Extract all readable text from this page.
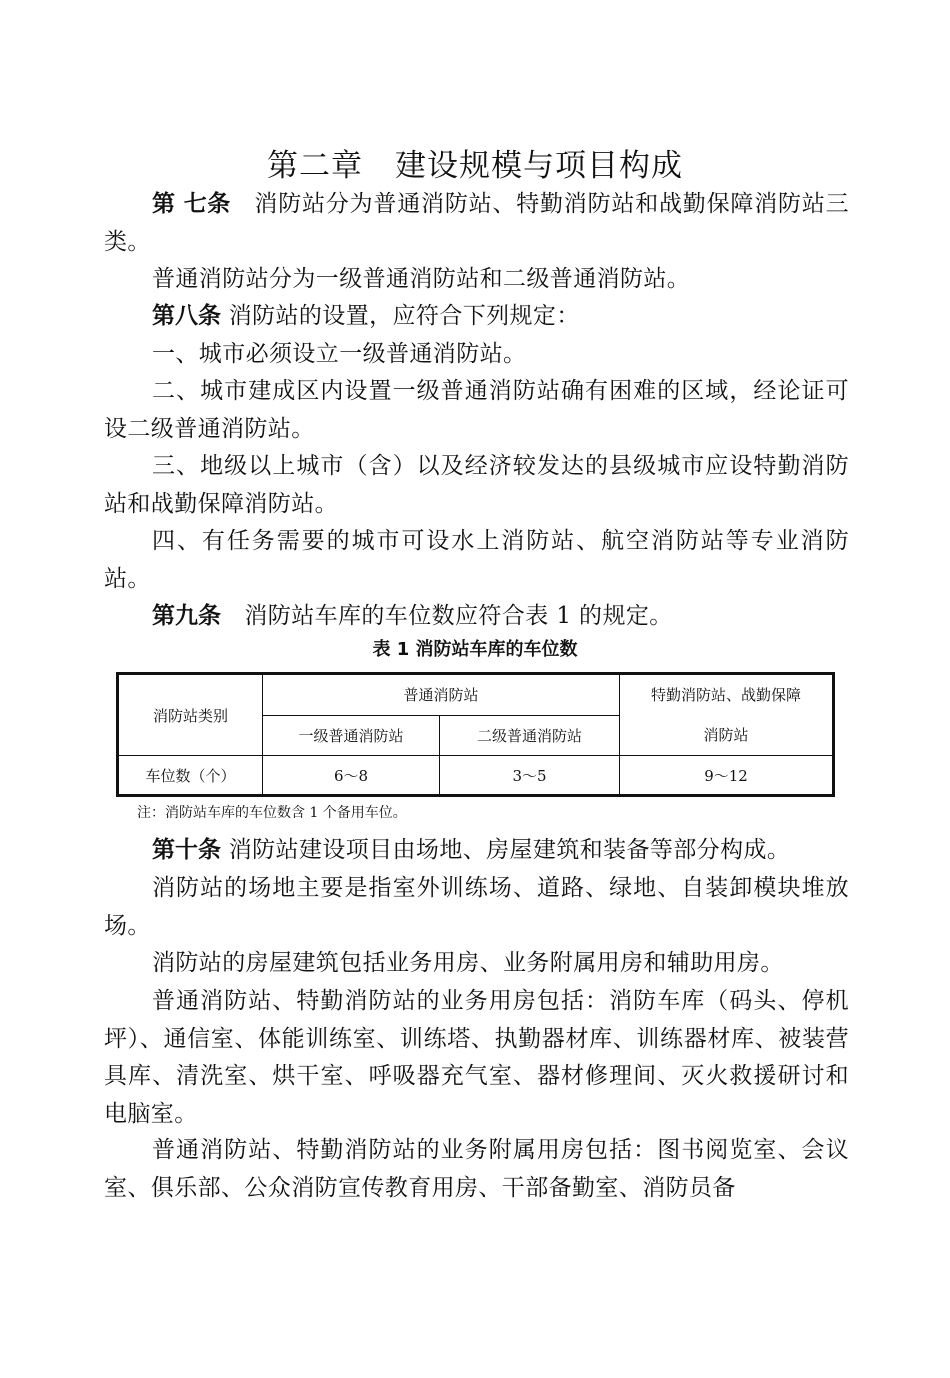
第二章　建设规模与项目构成
第 七条　 消防站分为普通消防站、特勤消防站和战勤保障消防站三类。
普通消防站分为一级普通消防站和二级普通消防站。
第八条 消防站的设置，应符合下列规定：
一、城市必须设立一级普通消防站。
二、城市建成区内设置一级普通消防站确有困难的区域，经论证可设二级普通消防站。
三、地级以上城市（含）以及经济较发达的县级城市应设特勤消防站和战勤保障消防站。
四、有任务需要的城市可设水上消防站、航空消防站等专业消防站。
第九条　 消防站车库的车位数应符合表 1 的规定。
表 1 消防站车库的车位数
消防站类别	普通消防站		特勤消防站、战勤保障
消防站

	一级普通消防站	二级普通消防站	
车位数（个）	6～8	3～5	9～12
注：消防站车库的车位数含 1 个备用车位。
第十条 消防站建设项目由场地、房屋建筑和装备等部分构成。
消防站的场地主要是指室外训练场、道路、绿地、自装卸模块堆放场。
消防站的房屋建筑包括业务用房、业务附属用房和辅助用房。
普通消防站、特勤消防站的业务用房包括：消防车库（码头、停机坪）、通信室、体能训练室、训练塔、执勤器材库、训练器材库、被装营具库、清洗室、烘干室、呼吸器充气室、器材修理间、灭火救援研讨和电脑室。
普通消防站、特勤消防站的业务附属用房包括：图书阅览室、会议室、俱乐部、公众消防宣传教育用房、干部备勤室、消防员备
